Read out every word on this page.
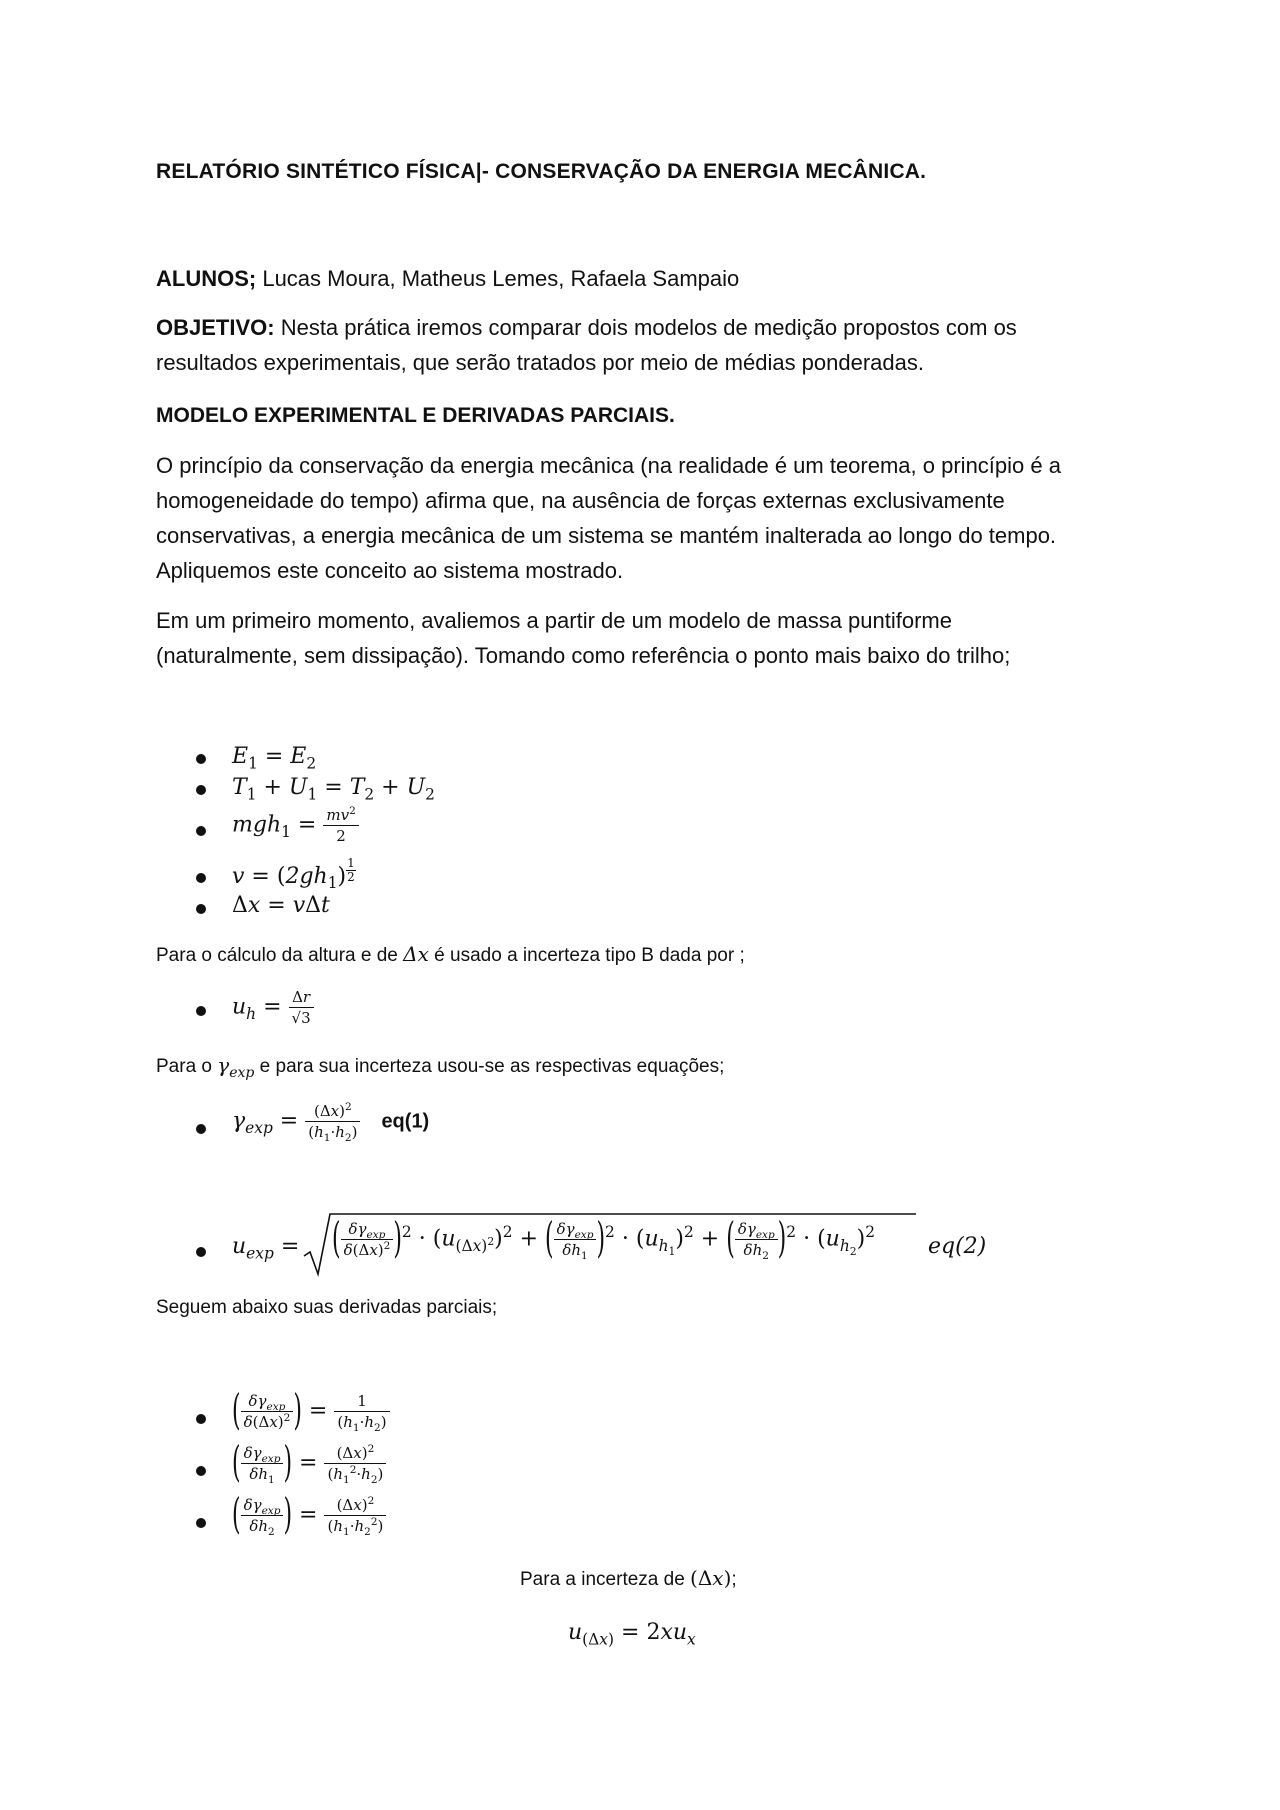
RELATÓRIO SINTÉTICO FÍSICA|- CONSERVAÇÃO DA ENERGIA MECÂNICA.
ALUNOS; Lucas Moura, Matheus Lemes, Rafaela Sampaio
OBJETIVO: Nesta prática iremos comparar dois modelos de medição propostos com os
resultados experimentais, que serão tratados por meio de médias ponderadas.
MODELO EXPERIMENTAL E DERIVADAS PARCIAIS.
O princípio da conservação da energia mecânica (na realidade é um teorema, o princípio é a
homogeneidade do tempo) afirma que, na ausência de forças externas exclusivamente
conservativas, a energia mecânica de um sistema se mantém inalterada ao longo do tempo.
Apliquemos este conceito ao sistema mostrado.
Em um primeiro momento, avaliemos a partir de um modelo de massa puntiforme
(naturalmente, sem dissipação). Tomando como referência o ponto mais baixo do trilho;
$E_1 = E_2$
$T_1 + U_1 = T_2 + U_2$
$mgh_1 = \frac{mv^2}{2}$
$v = (2gh_1)$ $^{\frac{1}{2}}$
Δx = vΔt
Para o cálculo da altura e de Δx é usado a incerteza tipo B dada por ;
$u_h = \frac{\Delta r}{√3}$
Para o $\gamma_{exp}$ e para sua incerteza usou-se as respectivas equações;
$\gamma_{exp} = \frac{(\Delta x)^2}{(h_1\cdot h_2)} eq(1)$
$u_{exp}$ = ( $\frac{\delta\gamma_{exp}}{\delta(\Delta x)^2} )^2 \cdot (u_{(\Delta x)^2})^2$ + ( $\frac{\delta\gamma_{exp}}{\delta h_1} )^2 \cdot (u_{h_1})^2$ + ( $\frac{\delta\gamma_{exp}}{\delta h_2} )^2 \cdot (u_{h_2})^2$
eq(2)
Seguem abaixo suas derivadas parciais;
( $\frac{\delta\gamma_{exp}}{\delta(\Delta x)^2}$ ) = $\frac{1}{(h_1\cdot h_2)}$
( $\frac{\delta\gamma_{exp}}{\delta h_1}$ ) = $\frac{(\Delta x)^2}{(h_1^2\cdot h_2)}$
( $\frac{\delta\gamma_{exp}}{\delta h_2}$ ) = $\frac{(\Delta x)^2}{(h_1\cdot h_2^2)}$
Para a incerteza de (Δx);
$u_{(\Delta x)} = 2xu_x$
